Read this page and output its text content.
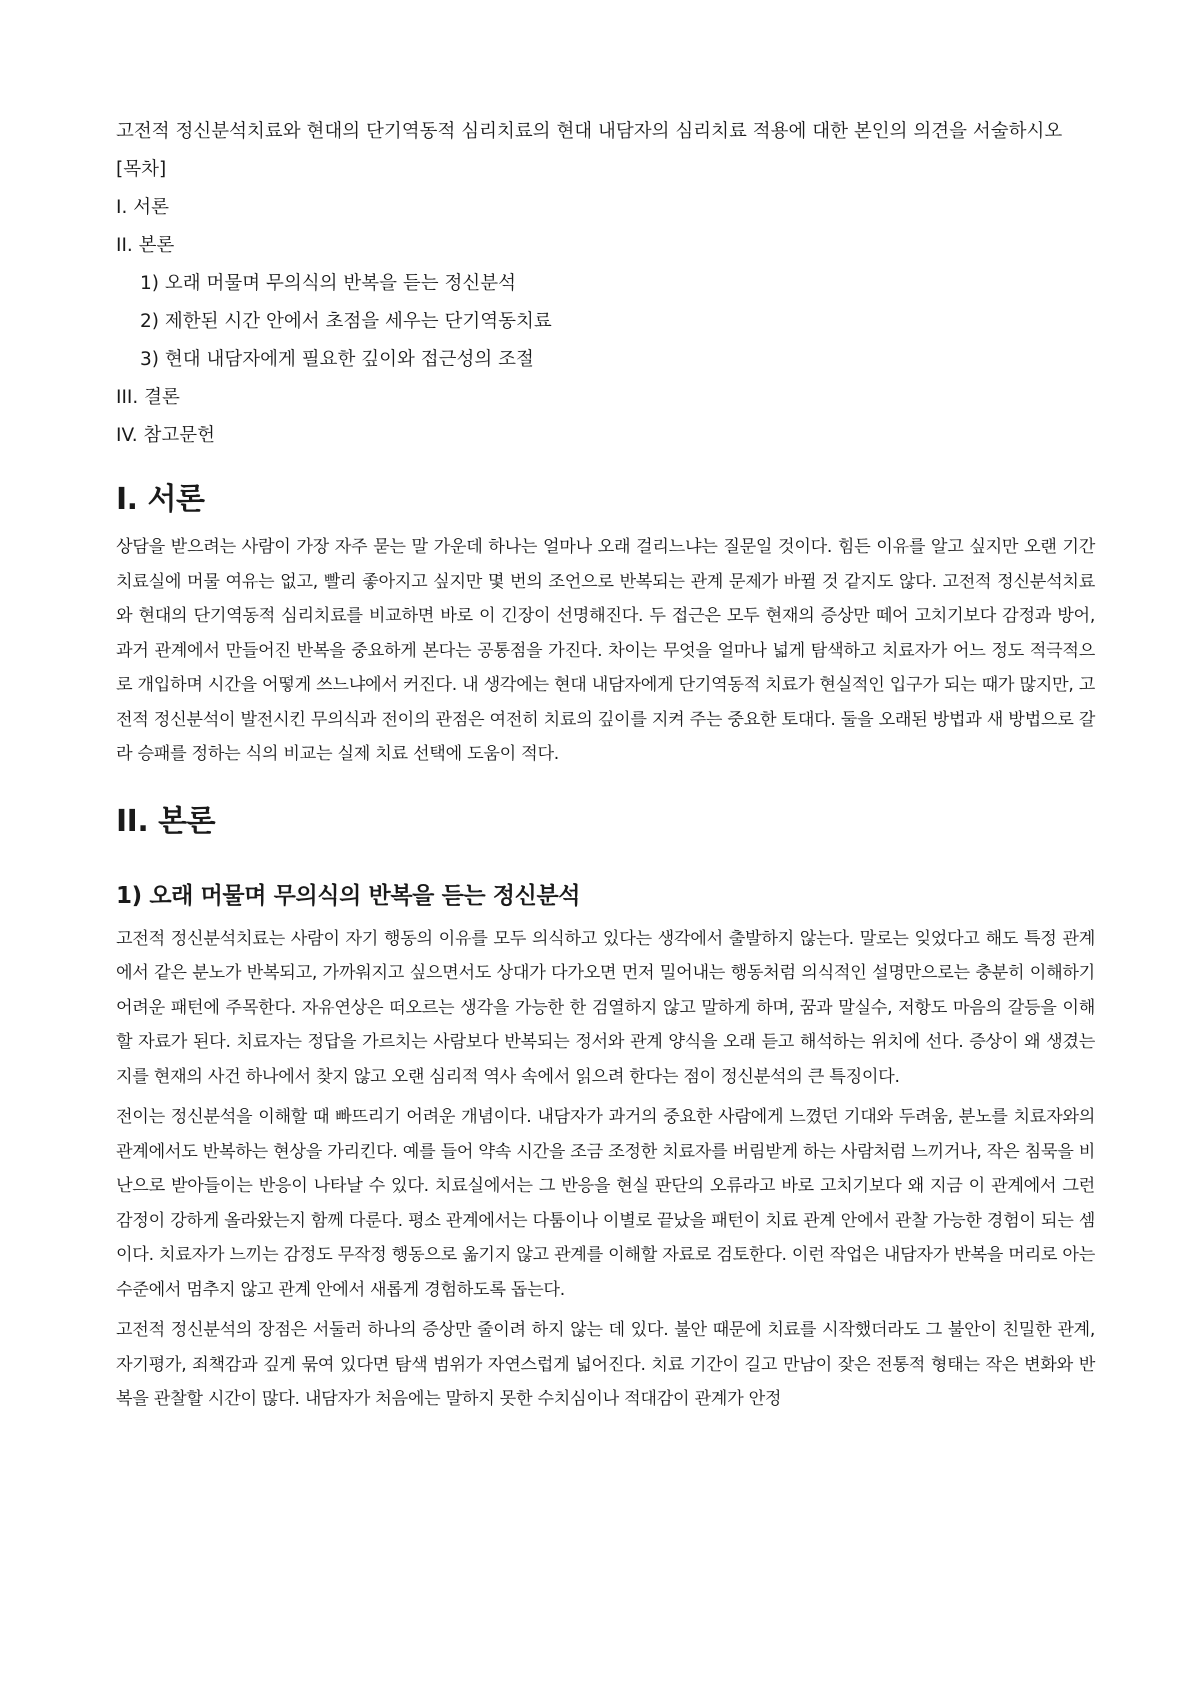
고전적 정신분석치료와 현대의 단기역동적 심리치료의 현대 내담자의 심리치료 적용에 대한 본인의 의견을 서술하시오
[목차]
I. 서론
II. 본론
1) 오래 머물며 무의식의 반복을 듣는 정신분석
2) 제한된 시간 안에서 초점을 세우는 단기역동치료
3) 현대 내담자에게 필요한 깊이와 접근성의 조절
III. 결론
IV. 참고문헌
I. 서론

상담을 받으려는 사람이 가장 자주 묻는 말 가운데 하나는 얼마나 오래 걸리느냐는 질문일 것이다. 힘든 이유를 알고 싶지만 오랜 기간 치료실에 머물 여유는 없고, 빨리 좋아지고 싶지만 몇 번의 조언으로 반복되는 관계 문제가 바뀔 것 같지도 않다. 고전적 정신분석치료와 현대의 단기역동적 심리치료를 비교하면 바로 이 긴장이 선명해진다. 두 접근은 모두 현재의 증상만 떼어 고치기보다 감정과 방어, 과거 관계에서 만들어진 반복을 중요하게 본다는 공통점을 가진다. 차이는 무엇을 얼마나 넓게 탐색하고 치료자가 어느 정도 적극적으로 개입하며 시간을 어떻게 쓰느냐에서 커진다. 내 생각에는 현대 내담자에게 단기역동적 치료가 현실적인 입구가 되는 때가 많지만, 고전적 정신분석이 발전시킨 무의식과 전이의 관점은 여전히 치료의 깊이를 지켜 주는 중요한 토대다. 둘을 오래된 방법과 새 방법으로 갈라 승패를 정하는 식의 비교는 실제 치료 선택에 도움이 적다.

II. 본론
1) 오래 머물며 무의식의 반복을 듣는 정신분석

고전적 정신분석치료는 사람이 자기 행동의 이유를 모두 의식하고 있다는 생각에서 출발하지 않는다. 말로는 잊었다고 해도 특정 관계에서 같은 분노가 반복되고, 가까워지고 싶으면서도 상대가 다가오면 먼저 밀어내는 행동처럼 의식적인 설명만으로는 충분히 이해하기 어려운 패턴에 주목한다. 자유연상은 떠오르는 생각을 가능한 한 검열하지 않고 말하게 하며, 꿈과 말실수, 저항도 마음의 갈등을 이해할 자료가 된다. 치료자는 정답을 가르치는 사람보다 반복되는 정서와 관계 양식을 오래 듣고 해석하는 위치에 선다. 증상이 왜 생겼는지를 현재의 사건 하나에서 찾지 않고 오랜 심리적 역사 속에서 읽으려 한다는 점이 정신분석의 큰 특징이다.

전이는 정신분석을 이해할 때 빠뜨리기 어려운 개념이다. 내담자가 과거의 중요한 사람에게 느꼈던 기대와 두려움, 분노를 치료자와의 관계에서도 반복하는 현상을 가리킨다. 예를 들어 약속 시간을 조금 조정한 치료자를 버림받게 하는 사람처럼 느끼거나, 작은 침묵을 비난으로 받아들이는 반응이 나타날 수 있다. 치료실에서는 그 반응을 현실 판단의 오류라고 바로 고치기보다 왜 지금 이 관계에서 그런 감정이 강하게 올라왔는지 함께 다룬다. 평소 관계에서는 다툼이나 이별로 끝났을 패턴이 치료 관계 안에서 관찰 가능한 경험이 되는 셈이다. 치료자가 느끼는 감정도 무작정 행동으로 옮기지 않고 관계를 이해할 자료로 검토한다. 이런 작업은 내담자가 반복을 머리로 아는 수준에서 멈추지 않고 관계 안에서 새롭게 경험하도록 돕는다.

고전적 정신분석의 장점은 서둘러 하나의 증상만 줄이려 하지 않는 데 있다. 불안 때문에 치료를 시작했더라도 그 불안이 친밀한 관계, 자기평가, 죄책감과 깊게 묶여 있다면 탐색 범위가 자연스럽게 넓어진다. 치료 기간이 길고 만남이 잦은 전통적 형태는 작은 변화와 반복을 관찰할 시간이 많다. 내담자가 처음에는 말하지 못한 수치심이나 적대감이 관계가 안정
